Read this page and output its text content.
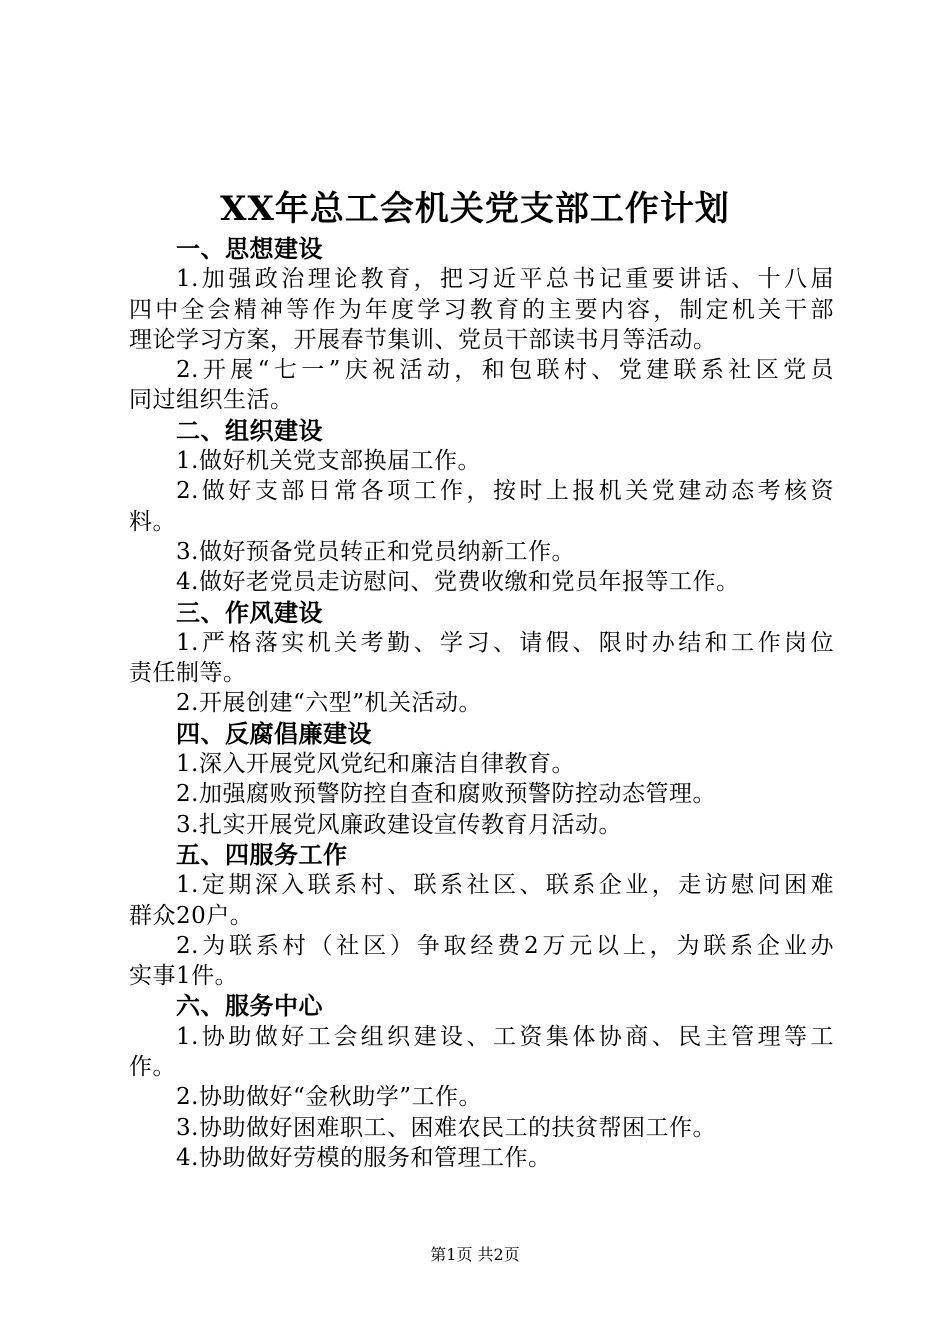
XX年总工会机关党支部工作计划
一、思想建设
1.加强政治理论教育，把习近平总书记重要讲话、十八届
四中全会精神等作为年度学习教育的主要内容，制定机关干部
理论学习方案，开展春节集训、党员干部读书月等活动。
2.开展“七一”庆祝活动，和包联村、党建联系社区党员
同过组织生活。
二、组织建设
1.做好机关党支部换届工作。
2.做好支部日常各项工作，按时上报机关党建动态考核资
料。
3.做好预备党员转正和党员纳新工作。
4.做好老党员走访慰问、党费收缴和党员年报等工作。
三、作风建设
1.严格落实机关考勤、学习、请假、限时办结和工作岗位
责任制等。
2.开展创建“六型”机关活动。
四、反腐倡廉建设
1.深入开展党风党纪和廉洁自律教育。
2.加强腐败预警防控自查和腐败预警防控动态管理。
3.扎实开展党风廉政建设宣传教育月活动。
五、四服务工作
1.定期深入联系村、联系社区、联系企业，走访慰问困难
群众20户。
2.为联系村（社区）争取经费2万元以上，为联系企业办
实事1件。
六、服务中心
1.协助做好工会组织建设、工资集体协商、民主管理等工
作。
2.协助做好“金秋助学”工作。
3.协助做好困难职工、困难农民工的扶贫帮困工作。
4.协助做好劳模的服务和管理工作。
第1页 共2页
